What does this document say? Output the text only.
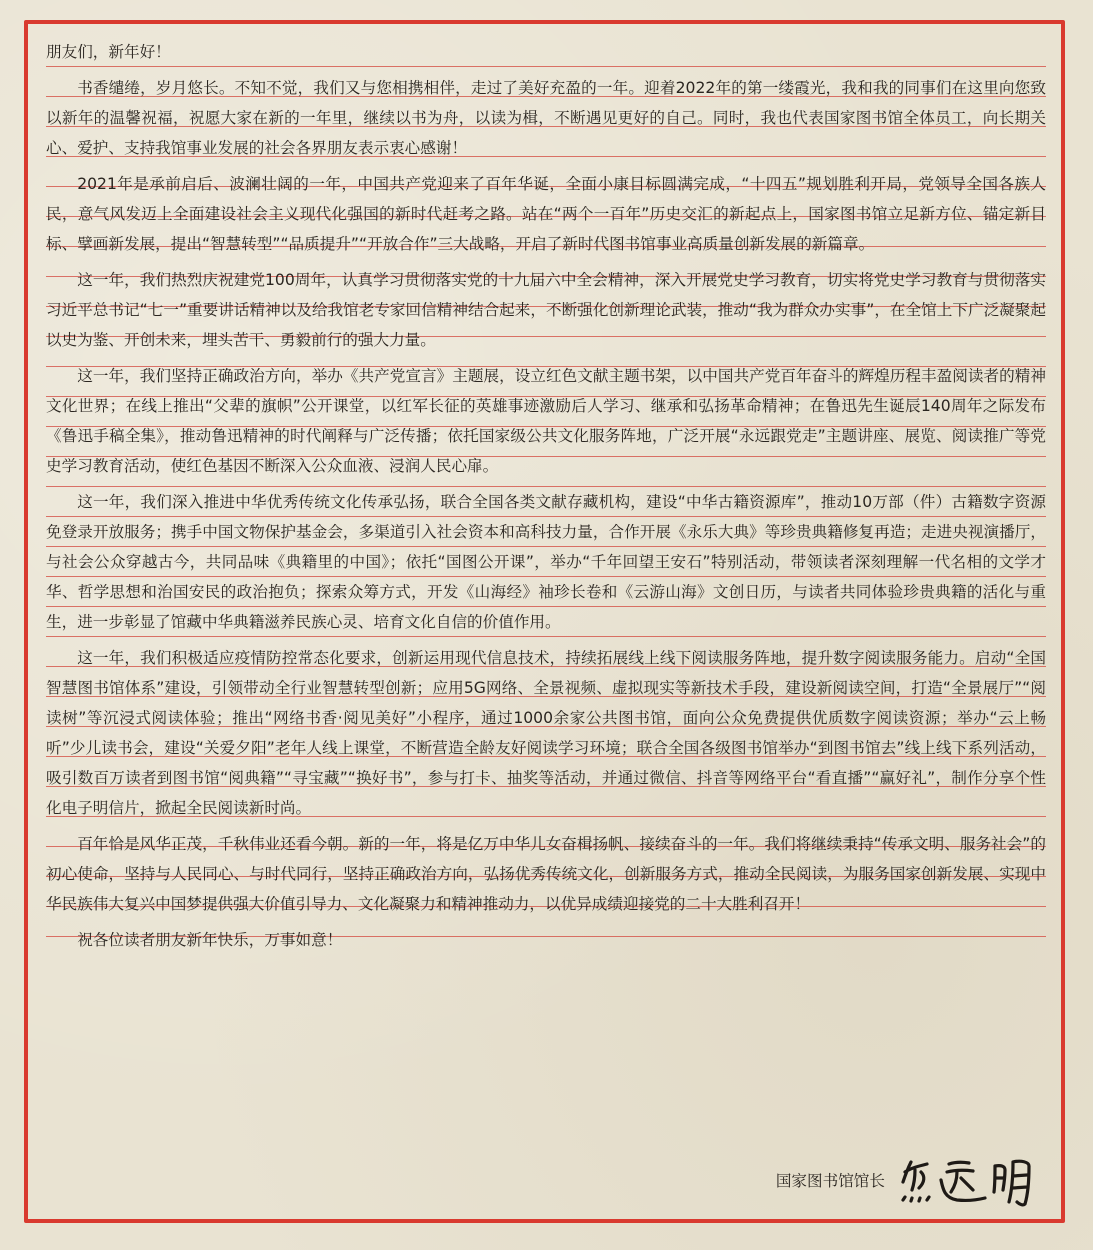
朋友们，新年好！

书香缱绻，岁月悠长。不知不觉，我们又与您相携相伴，走过了美好充盈的一年。迎着2022年的第一缕霞光，我和我的同事们在这里向您致以新年的温馨祝福，祝愿大家在新的一年里，继续以书为舟，以读为楫，不断遇见更好的自己。同时，我也代表国家图书馆全体员工，向长期关心、爱护、支持我馆事业发展的社会各界朋友表示衷心感谢！

2021年是承前启后、波澜壮阔的一年，中国共产党迎来了百年华诞，全面小康目标圆满完成，“十四五”规划胜利开局，党领导全国各族人民，意气风发迈上全面建设社会主义现代化强国的新时代赶考之路。站在“两个一百年”历史交汇的新起点上，国家图书馆立足新方位、锚定新目标、擘画新发展，提出“智慧转型”“品质提升”“开放合作”三大战略，开启了新时代图书馆事业高质量创新发展的新篇章。

这一年，我们热烈庆祝建党100周年，认真学习贯彻落实党的十九届六中全会精神，深入开展党史学习教育，切实将党史学习教育与贯彻落实习近平总书记“七一”重要讲话精神以及给我馆老专家回信精神结合起来，不断强化创新理论武装，推动“我为群众办实事”，在全馆上下广泛凝聚起以史为鉴、开创未来，埋头苦干、勇毅前行的强大力量。

这一年，我们坚持正确政治方向，举办《共产党宣言》主题展，设立红色文献主题书架，以中国共产党百年奋斗的辉煌历程丰盈阅读者的精神文化世界；在线上推出“父辈的旗帜”公开课堂，以红军长征的英雄事迹激励后人学习、继承和弘扬革命精神；在鲁迅先生诞辰140周年之际发布《鲁迅手稿全集》，推动鲁迅精神的时代阐释与广泛传播；依托国家级公共文化服务阵地，广泛开展“永远跟党走”主题讲座、展览、阅读推广等党史学习教育活动，使红色基因不断深入公众血液、浸润人民心扉。

这一年，我们深入推进中华优秀传统文化传承弘扬，联合全国各类文献存藏机构，建设“中华古籍资源库”，推动10万部（件）古籍数字资源免登录开放服务；携手中国文物保护基金会，多渠道引入社会资本和高科技力量，合作开展《永乐大典》等珍贵典籍修复再造；走进央视演播厅，与社会公众穿越古今，共同品味《典籍里的中国》；依托“国图公开课”，举办“千年回望王安石”特别活动，带领读者深刻理解一代名相的文学才华、哲学思想和治国安民的政治抱负；探索众筹方式，开发《山海经》袖珍长卷和《云游山海》文创日历，与读者共同体验珍贵典籍的活化与重生，进一步彰显了馆藏中华典籍滋养民族心灵、培育文化自信的价值作用。

这一年，我们积极适应疫情防控常态化要求，创新运用现代信息技术，持续拓展线上线下阅读服务阵地，提升数字阅读服务能力。启动“全国智慧图书馆体系”建设，引领带动全行业智慧转型创新；应用5G网络、全景视频、虚拟现实等新技术手段，建设新阅读空间，打造“全景展厅”“阅读树”等沉浸式阅读体验；推出“网络书香·阅见美好”小程序，通过1000余家公共图书馆，面向公众免费提供优质数字阅读资源；举办“云上畅听”少儿读书会，建设“关爱夕阳”老年人线上课堂，不断营造全龄友好阅读学习环境；联合全国各级图书馆举办“到图书馆去”线上线下系列活动，吸引数百万读者到图书馆“阅典籍”“寻宝藏”“换好书”，参与打卡、抽奖等活动，并通过微信、抖音等网络平台“看直播”“赢好礼”，制作分享个性化电子明信片，掀起全民阅读新时尚。

百年恰是风华正茂，千秋伟业还看今朝。新的一年，将是亿万中华儿女奋楫扬帆、接续奋斗的一年。我们将继续秉持“传承文明、服务社会”的初心使命，坚持与人民同心、与时代同行，坚持正确政治方向，弘扬优秀传统文化，创新服务方式，推动全民阅读，为服务国家创新发展、实现中华民族伟大复兴中国梦提供强大价值引导力、文化凝聚力和精神推动力，以优异成绩迎接党的二十大胜利召开！

祝各位读者朋友新年快乐，万事如意！

国家图书馆馆长
